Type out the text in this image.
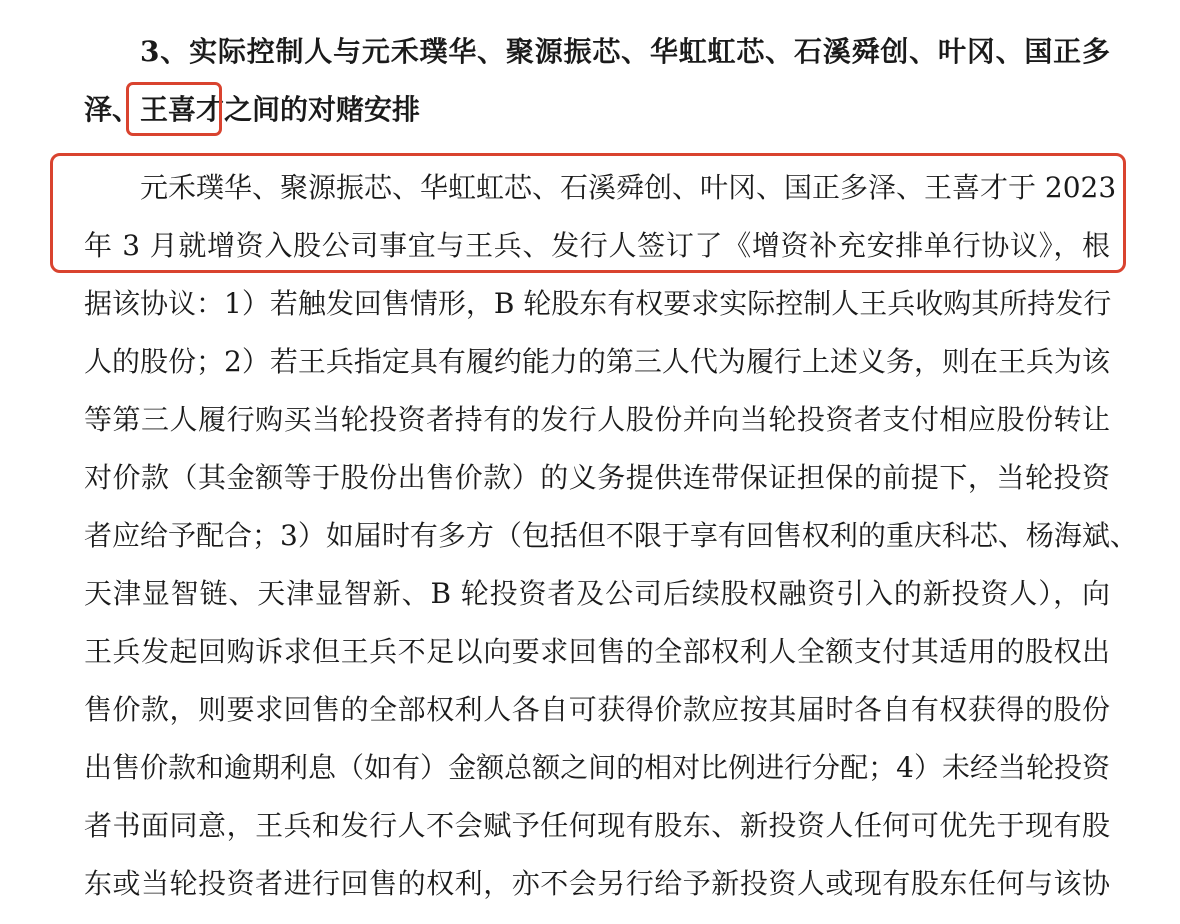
3、实际控制人与元禾璞华、聚源振芯、华虹虹芯、石溪舜创、叶冈、国正多
泽、王喜才之间的对赌安排
元禾璞华、聚源振芯、华虹虹芯、石溪舜创、叶冈、国正多泽、王喜才于 2023
年 3 月就增资入股公司事宜与王兵、发行人签订了《增资补充安排单行协议》，根
据该协议：1）若触发回售情形，B 轮股东有权要求实际控制人王兵收购其所持发行
人的股份；2）若王兵指定具有履约能力的第三人代为履行上述义务，则在王兵为该
等第三人履行购买当轮投资者持有的发行人股份并向当轮投资者支付相应股份转让
对价款（其金额等于股份出售价款）的义务提供连带保证担保的前提下，当轮投资
者应给予配合；3）如届时有多方（包括但不限于享有回售权利的重庆科芯、杨海斌、
天津显智链、天津显智新、B 轮投资者及公司后续股权融资引入的新投资人），向
王兵发起回购诉求但王兵不足以向要求回售的全部权利人全额支付其适用的股权出
售价款，则要求回售的全部权利人各自可获得价款应按其届时各自有权获得的股份
出售价款和逾期利息（如有）金额总额之间的相对比例进行分配；4）未经当轮投资
者书面同意，王兵和发行人不会赋予任何现有股东、新投资人任何可优先于现有股
东或当轮投资者进行回售的权利，亦不会另行给予新投资人或现有股东任何与该协
